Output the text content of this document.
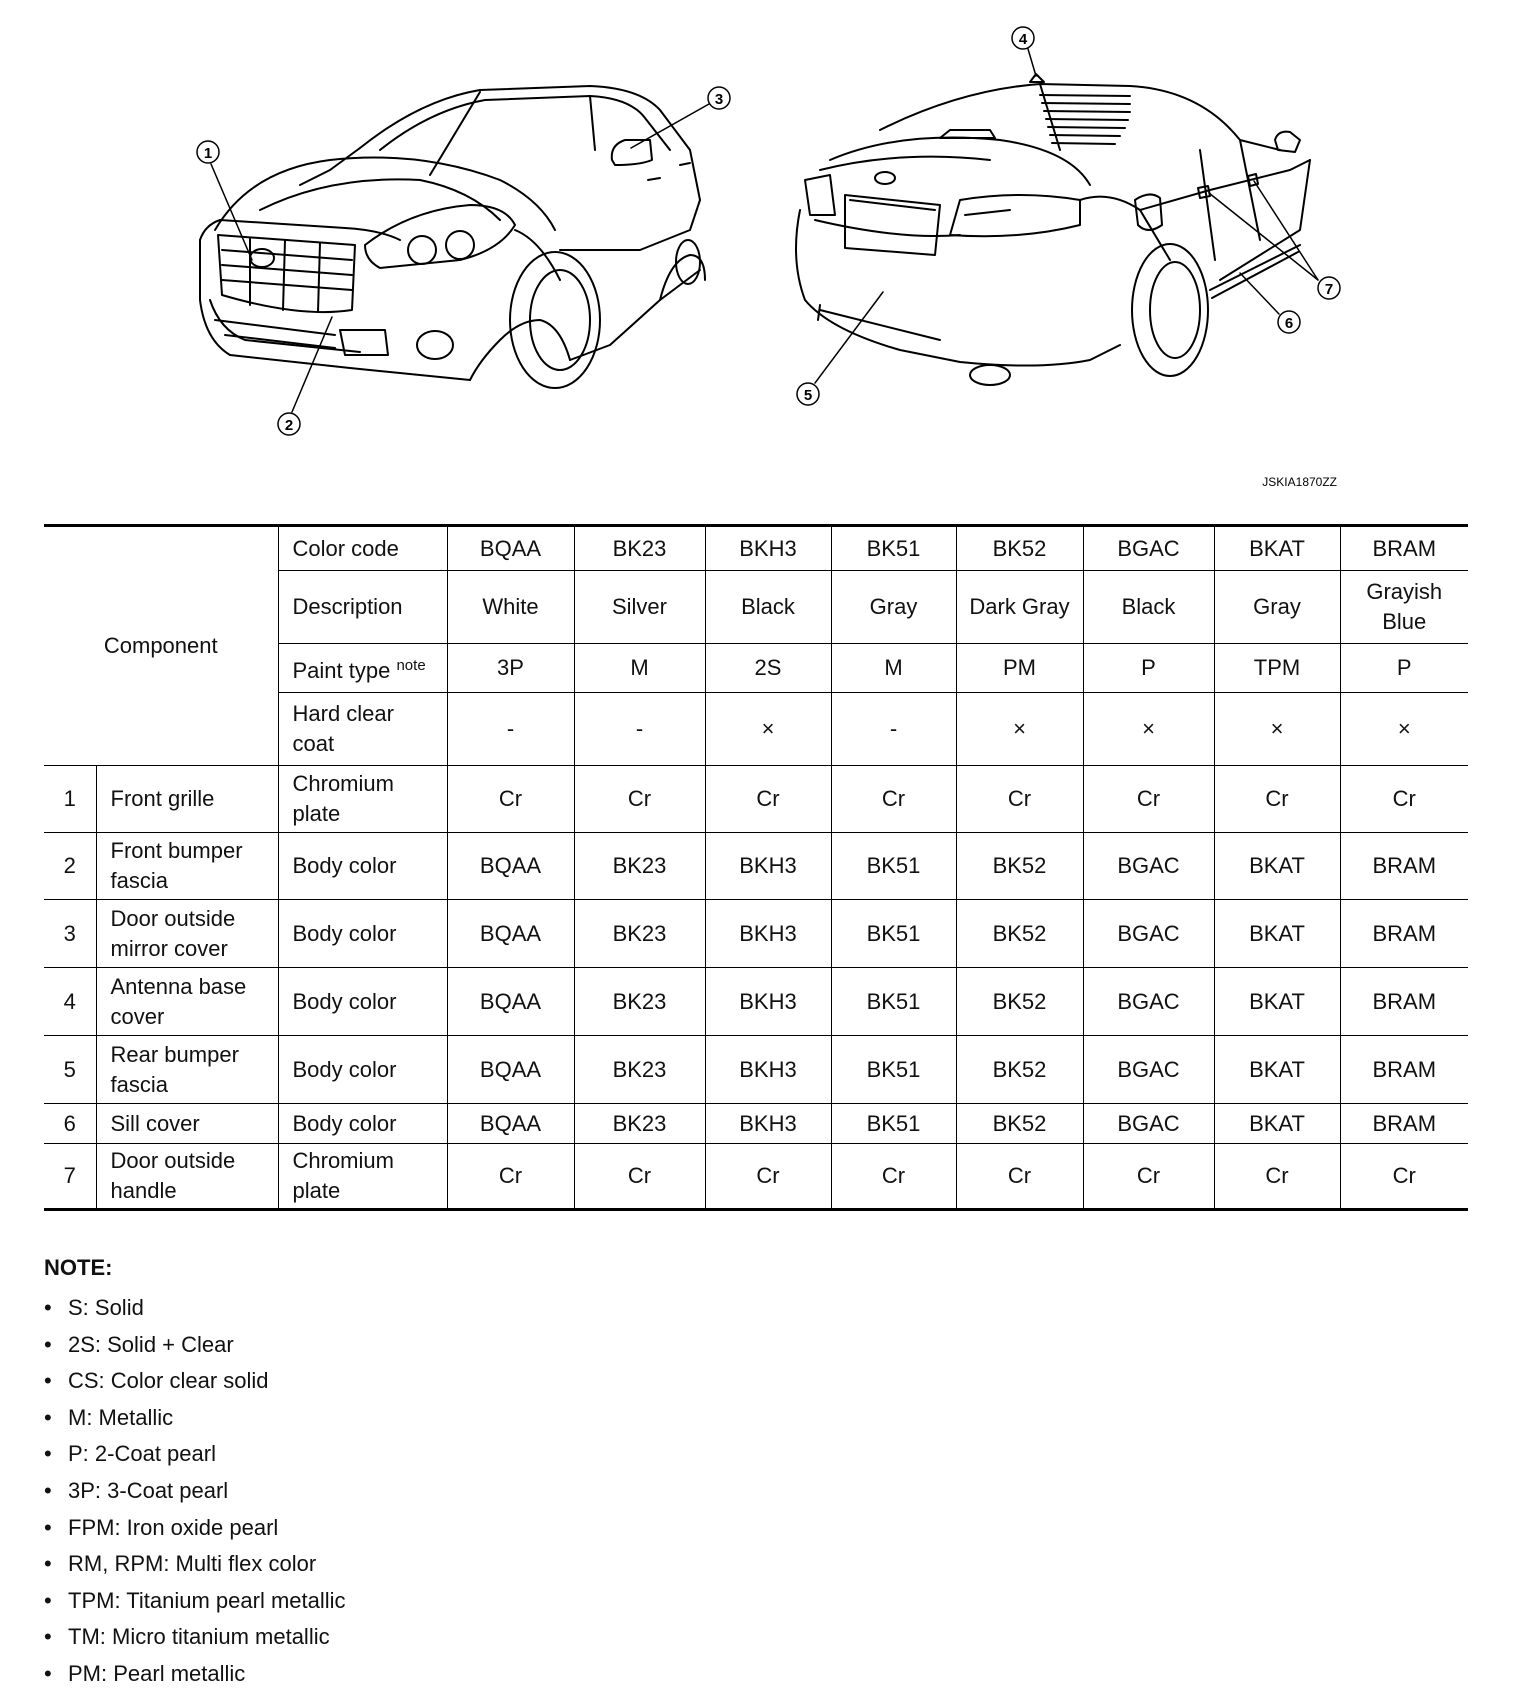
1
2
3
4
5
6
7
JSKIA1870ZZ
Component		Color code	BQAA	BK23	BKH3	BK51	BK52	BGAC	BKAT	BRAM
		Description	White	Silver	Black	Gray	Dark Gray	Black	Gray	Grayish Blue
		Paint type $^{note}$	3P	M	2S	M	PM	P	TPM	P
		Hard clear coat	-	-	×	-	×	×	×	×
1	Front grille	Chromium plate	Cr	Cr	Cr	Cr	Cr	Cr	Cr	Cr
2	Front bumper fascia	Body color	BQAA	BK23	BKH3	BK51	BK52	BGAC	BKAT	BRAM
3	Door outside mirror cover	Body color	BQAA	BK23	BKH3	BK51	BK52	BGAC	BKAT	BRAM
4	Antenna base cover	Body color	BQAA	BK23	BKH3	BK51	BK52	BGAC	BKAT	BRAM
5	Rear bumper fascia	Body color	BQAA	BK23	BKH3	BK51	BK52	BGAC	BKAT	BRAM
6	Sill cover	Body color	BQAA	BK23	BKH3	BK51	BK52	BGAC	BKAT	BRAM
7	Door outside handle	Chromium plate	Cr	Cr	Cr	Cr	Cr	Cr	Cr	Cr
NOTE:
• S: Solid
• 2S: Solid + Clear
• CS: Color clear solid
• M: Metallic
• P: 2-Coat pearl
• 3P: 3-Coat pearl
• FPM: Iron oxide pearl
• RM, RPM: Multi flex color
• TPM: Titanium pearl metallic
• TM: Micro titanium metallic
• PM: Pearl metallic
